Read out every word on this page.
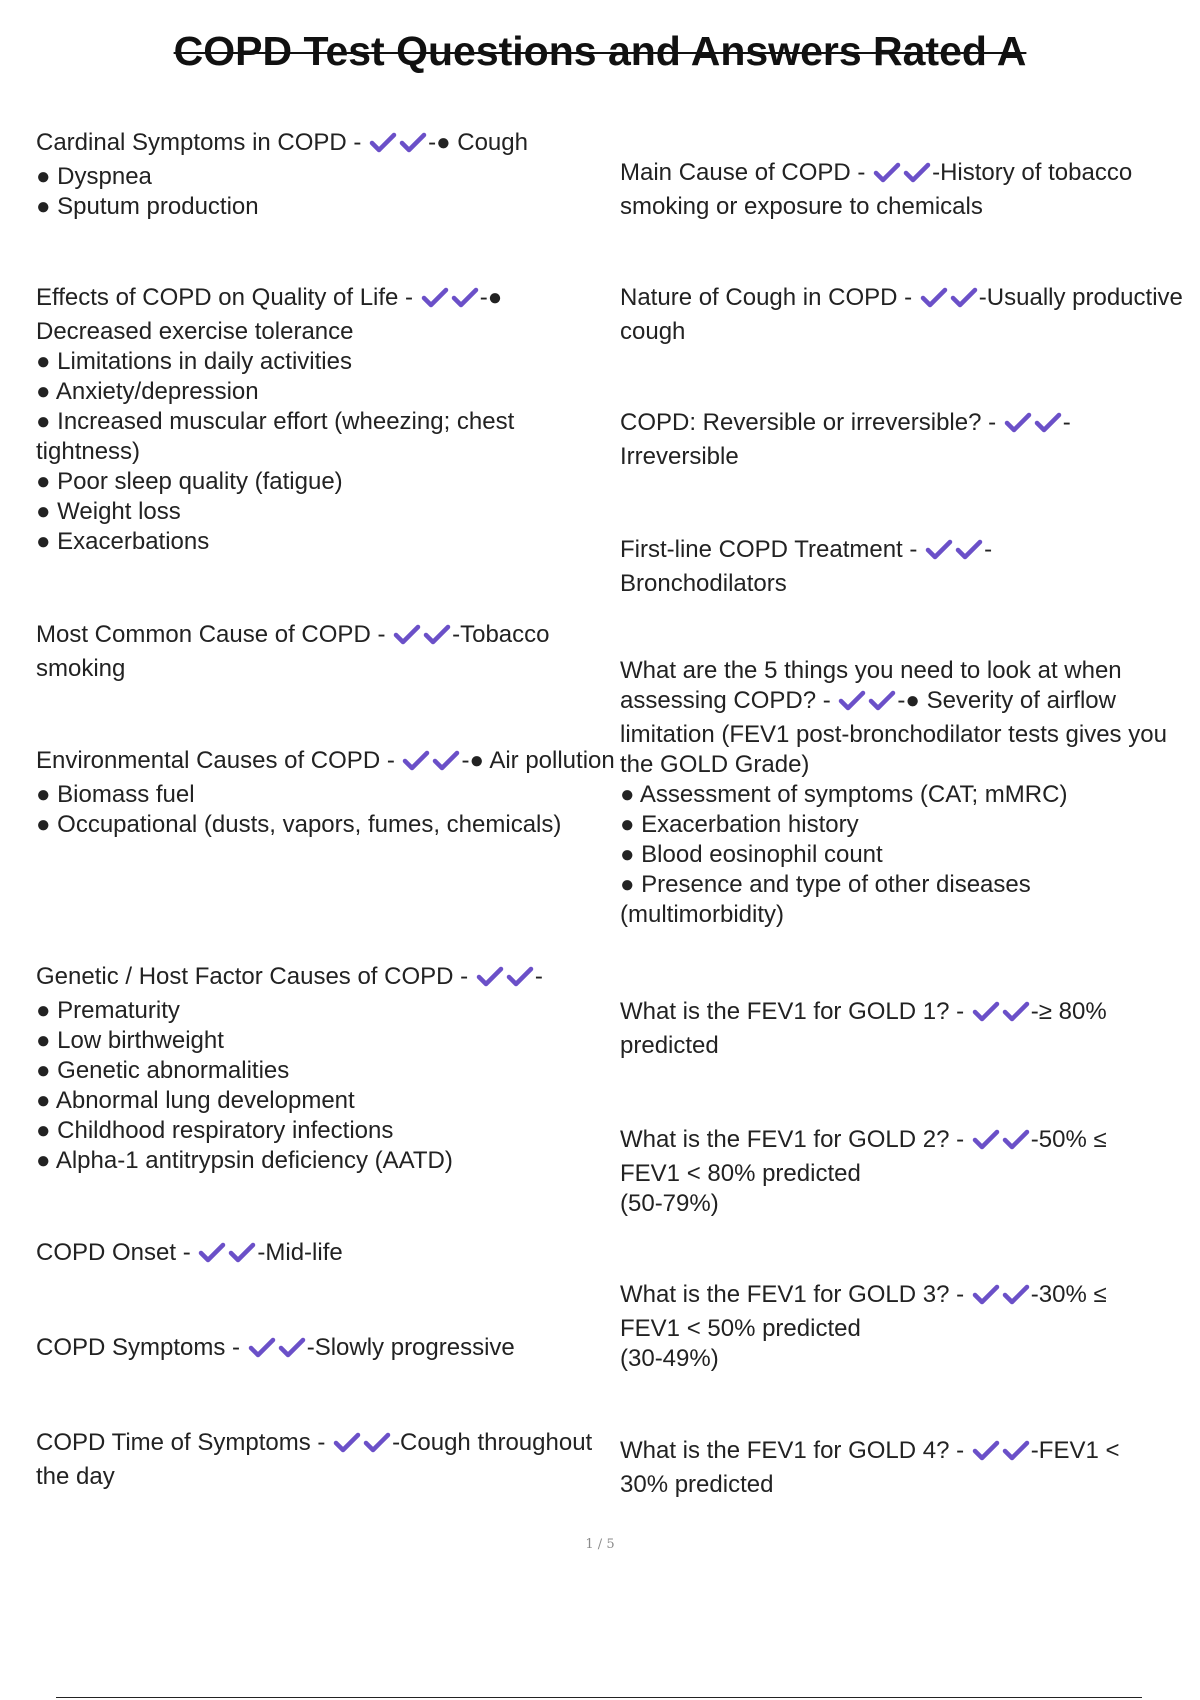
COPD Test Questions and Answers Rated A
Cardinal Symptoms in COPD -	-● Cough
● Dyspnea
● Sputum production
Effects of COPD on Quality of Life -	-●
Decreased exercise tolerance
● Limitations in daily activities
● Anxiety/depression
● Increased muscular effort (wheezing; chest tightness)
● Poor sleep quality (fatigue)
● Weight loss
● Exacerbations
Most Common Cause of COPD -	-Tobacco smoking
Environmental Causes of COPD -	-● Air pollution
● Biomass fuel
● Occupational (dusts, vapors, fumes, chemicals)
Genetic / Host Factor Causes of COPD -	-
● Prematurity
● Low birthweight
● Genetic abnormalities
● Abnormal lung development
● Childhood respiratory infections
● Alpha-1 antitrypsin deficiency (AATD)
COPD Onset -	-Mid-life
COPD Symptoms -	-Slowly progressive
COPD Time of Symptoms -	-Cough throughout the day
Main Cause of COPD -	-History of tobacco smoking or exposure to chemicals
Nature of Cough in COPD -	-Usually productive cough
COPD: Reversible or irreversible? -	-
Irreversible
First-line COPD Treatment -	-
Bronchodilators
What are the 5 things you need to look at when assessing COPD? -	-● Severity of airflow limitation (FEV1 post-bronchodilator tests gives you the GOLD Grade)
● Assessment of symptoms (CAT; mMRC)
● Exacerbation history
● Blood eosinophil count
● Presence and type of other diseases (multimorbidity)
What is the FEV1 for GOLD 1? -	-≥ 80% predicted
What is the FEV1 for GOLD 2? -	-50% ≤
FEV1 < 80% predicted
(50-79%)
What is the FEV1 for GOLD 3? -	-30% ≤
FEV1 < 50% predicted
(30-49%)
What is the FEV1 for GOLD 4? -	-FEV1 <
30% predicted
1 / 5
